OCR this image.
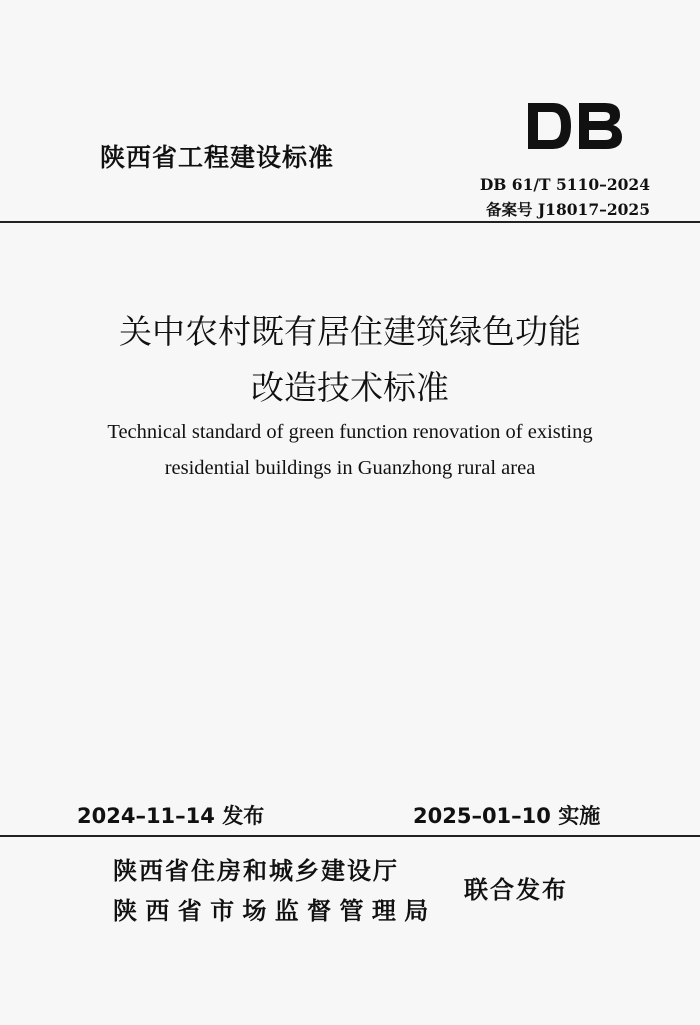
陕西省工程建设标准
DB 61/T 5110–2024
备案号 J18017–2025
关中农村既有居住建筑绿色功能
改造技术标准
Technical standard of green function renovation of existing
residential buildings in Guanzhong rural area
2024–11–14 发布	2025–01–10 实施
陕西省住房和城乡建设厅
陕 西 省 市 场 监 督 管 理 局
联合发布
